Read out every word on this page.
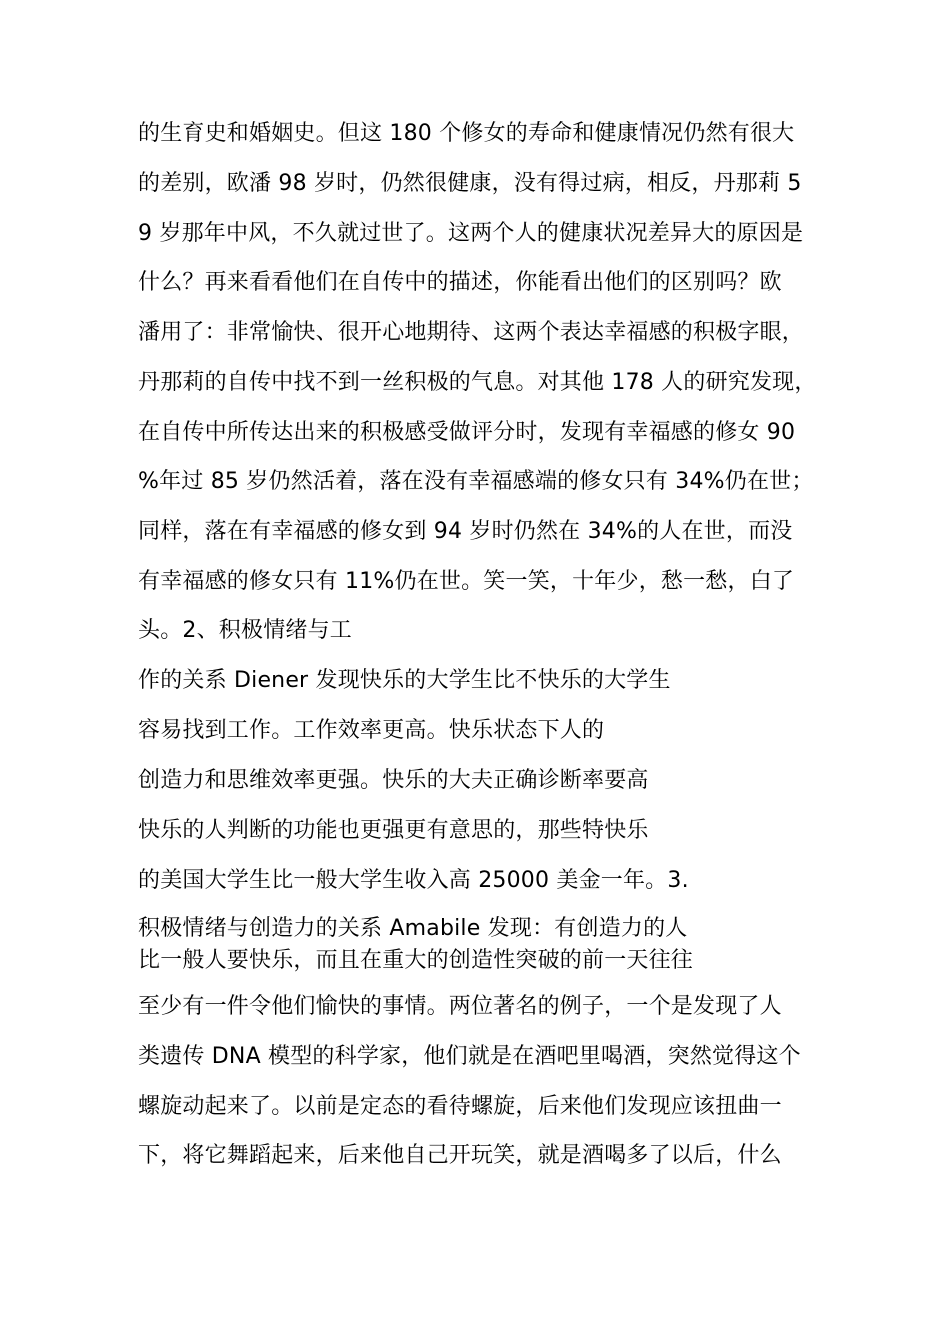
的生育史和婚姻史。但这 180 个修女的寿命和健康情况仍然有很大

的差别，欧潘 98 岁时，仍然很健康，没有得过病，相反，丹那莉 5

9 岁那年中风，不久就过世了。这两个人的健康状况差异大的原因是

什么？再来看看他们在自传中的描述，你能看出他们的区别吗？欧

潘用了：非常愉快、很开心地期待、这两个表达幸福感的积极字眼，

丹那莉的自传中找不到一丝积极的气息。对其他 178 人的研究发现，

在自传中所传达出来的积极感受做评分时，发现有幸福感的修女 90

%年过 85 岁仍然活着，落在没有幸福感端的修女只有 34%仍在世；

同样，落在有幸福感的修女到 94 岁时仍然在 34%的人在世，而没

有幸福感的修女只有 11%仍在世。笑一笑，十年少，愁一愁，白了

头。2、积极情绪与工

作的关系 Diener 发现快乐的大学生比不快乐的大学生

容易找到工作。工作效率更高。快乐状态下人的

创造力和思维效率更强。快乐的大夫正确诊断率要高

快乐的人判断的功能也更强更有意思的，那些特快乐

的美国大学生比一般大学生收入高 25000 美金一年。3.

积极情绪与创造力的关系 Amabile 发现：有创造力的人

比一般人要快乐，而且在重大的创造性突破的前一天往往

至少有一件令他们愉快的事情。两位著名的例子，一个是发现了人

类遗传 DNA 模型的科学家，他们就是在酒吧里喝酒，突然觉得这个

螺旋动起来了。以前是定态的看待螺旋，后来他们发现应该扭曲一

下，将它舞蹈起来，后来他自己开玩笑，就是酒喝多了以后，什么
